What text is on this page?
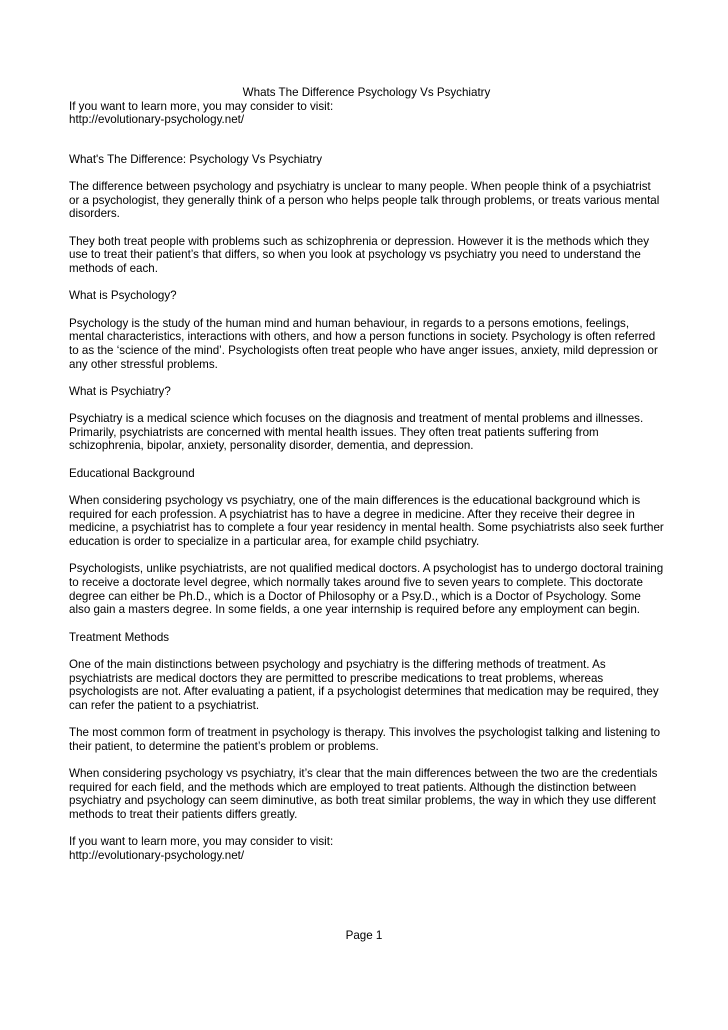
Whats The Difference Psychology Vs Psychiatry
If you want to learn more, you may consider to visit:
http://evolutionary-psychology.net/
What's The Difference: Psychology Vs Psychiatry

The difference between psychology and psychiatry is unclear to many people. When people think of a psychiatrist or a psychologist, they generally think of a person who helps people talk through problems, or treats various mental disorders.

They both treat people with problems such as schizophrenia or depression. However it is the methods which they use to treat their patient’s that differs, so when you look at psychology vs psychiatry you need to understand the methods of each.

What is Psychology?

Psychology is the study of the human mind and human behaviour, in regards to a persons emotions, feelings, mental characteristics, interactions with others, and how a person functions in society. Psychology is often referred to as the ‘science of the mind’. Psychologists often treat people who have anger issues, anxiety, mild depression or any other stressful problems.

What is Psychiatry?

Psychiatry is a medical science which focuses on the diagnosis and treatment of mental problems and illnesses. Primarily, psychiatrists are concerned with mental health issues. They often treat patients suffering from schizophrenia, bipolar, anxiety, personality disorder, dementia, and depression.

Educational Background

When considering psychology vs psychiatry, one of the main differences is the educational background which is required for each profession. A psychiatrist has to have a degree in medicine. After they receive their degree in medicine, a psychiatrist has to complete a four year residency in mental health. Some psychiatrists also seek further education is order to specialize in a particular area, for example child psychiatry.

Psychologists, unlike psychiatrists, are not qualified medical doctors. A psychologist has to undergo doctoral training to receive a doctorate level degree, which normally takes around five to seven years to complete. This doctorate degree can either be Ph.D., which is a Doctor of Philosophy or a Psy.D., which is a Doctor of Psychology. Some also gain a masters degree. In some fields, a one year internship is required before any employment can begin.

Treatment Methods

One of the main distinctions between psychology and psychiatry is the differing methods of treatment. As psychiatrists are medical doctors they are permitted to prescribe medications to treat problems, whereas psychologists are not. After evaluating a patient, if a psychologist determines that medication may be required, they can refer the patient to a psychiatrist.

The most common form of treatment in psychology is therapy. This involves the psychologist talking and listening to their patient, to determine the patient’s problem or problems.

When considering psychology vs psychiatry, it’s clear that the main differences between the two are the credentials required for each field, and the methods which are employed to treat patients. Although the distinction between psychiatry and psychology can seem diminutive, as both treat similar problems, the way in which they use different methods to treat their patients differs greatly.

If you want to learn more, you may consider to visit:
http://evolutionary-psychology.net/
Page 1
